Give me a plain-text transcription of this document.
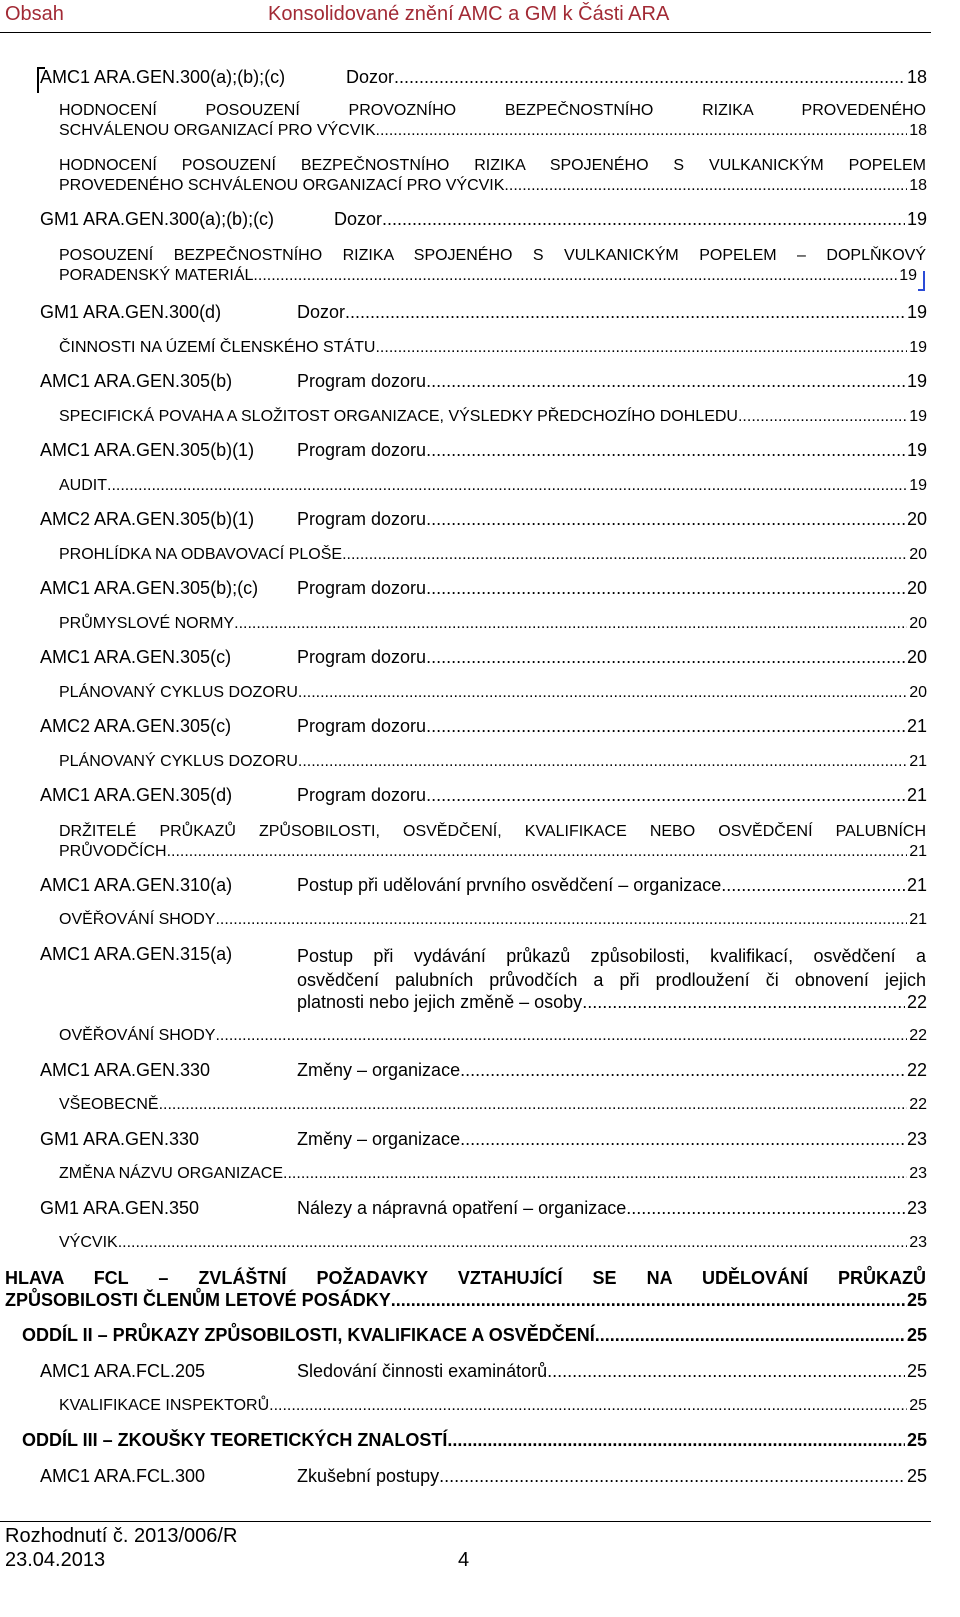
Obsah	Konsolidované znění AMC a GM k Části ARA
AMC1 ARA.GEN.300(a);(b);(c)	Dozor .....	18
HODNOCENÍ POSOUZENÍ PROVOZNÍHO BEZPEČNOSTNÍHO RIZIKA PROVEDENÉHO
SCHVÁLENOU ORGANIZACÍ PRO VÝCVIK .....	18
HODNOCENÍ POSOUZENÍ BEZPEČNOSTNÍHO RIZIKA SPOJENÉHO S VULKANICKÝM POPELEM
PROVEDENÉHO SCHVÁLENOU ORGANIZACÍ PRO VÝCVIK .....	18
GM1 ARA.GEN.300(a);(b);(c)	Dozor .....	19
POSOUZENÍ BEZPEČNOSTNÍHO RIZIKA SPOJENÉHO S VULKANICKÝM POPELEM – DOPLŇKOVÝ
PORADENSKÝ MATERIÁL .....	19
GM1 ARA.GEN.300(d)	Dozor .....	19
ČINNOSTI NA ÚZEMÍ ČLENSKÉHO STÁTU .....	19
AMC1 ARA.GEN.305(b)	Program dozoru .....	19
SPECIFICKÁ POVAHA A SLOŽITOST ORGANIZACE, VÝSLEDKY PŘEDCHOZÍHO DOHLEDU .....	19
AMC1 ARA.GEN.305(b)(1)	Program dozoru .....	19
AUDIT .....	19
AMC2 ARA.GEN.305(b)(1)	Program dozoru .....	20
PROHLÍDKA NA ODBAVOVACÍ PLOŠE .....	20
AMC1 ARA.GEN.305(b);(c)	Program dozoru .....	20
PRŮMYSLOVÉ NORMY .....	20
AMC1 ARA.GEN.305(c)	Program dozoru .....	20
PLÁNOVANÝ CYKLUS DOZORU .....	20
AMC2 ARA.GEN.305(c)	Program dozoru .....	21
PLÁNOVANÝ CYKLUS DOZORU .....	21
AMC1 ARA.GEN.305(d)	Program dozoru .....	21
DRŽITELÉ PRŮKAZŮ ZPŮSOBILOSTI, OSVĚDČENÍ, KVALIFIKACE NEBO OSVĚDČENÍ PALUBNÍCH
PRŮVODČÍCH .....	21
AMC1 ARA.GEN.310(a)	Postup při udělování prvního osvědčení – organizace .....	21
OVĚŘOVÁNÍ SHODY .....	21
AMC1 ARA.GEN.315(a)	Postup při vydávání průkazů způsobilosti, kvalifikací, osvědčení a
osvědčení palubních průvodčích a při prodloužení či obnovení jejich
platnosti nebo jejich změně – osoby .....	22
OVĚŘOVÁNÍ SHODY .....	22
AMC1 ARA.GEN.330	Změny – organizace .....	22
VŠEOBECNĚ .....	22
GM1 ARA.GEN.330	Změny – organizace .....	23
ZMĚNA NÁZVU ORGANIZACE .....	23
GM1 ARA.GEN.350	Nálezy a nápravná opatření – organizace .....	23
VÝCVIK .....	23
HLAVA FCL – ZVLÁŠTNÍ POŽADAVKY VZTAHUJÍCÍ SE NA UDĚLOVÁNÍ PRŮKAZŮ
ZPŮSOBILOSTI ČLENŮM LETOVÉ POSÁDKY .....	25
ODDÍL II – PRŮKAZY ZPŮSOBILOSTI, KVALIFIKACE A OSVĚDČENÍ .....	25
AMC1 ARA.FCL.205	Sledování činnosti examinátorů .....	25
KVALIFIKACE INSPEKTORŮ .....	25
ODDÍL III – ZKOUŠKY TEORETICKÝCH ZNALOSTÍ .....	25
AMC1 ARA.FCL.300	Zkušební postupy .....	25
Rozhodnutí č. 2013/006/R
23.04.2013	4
